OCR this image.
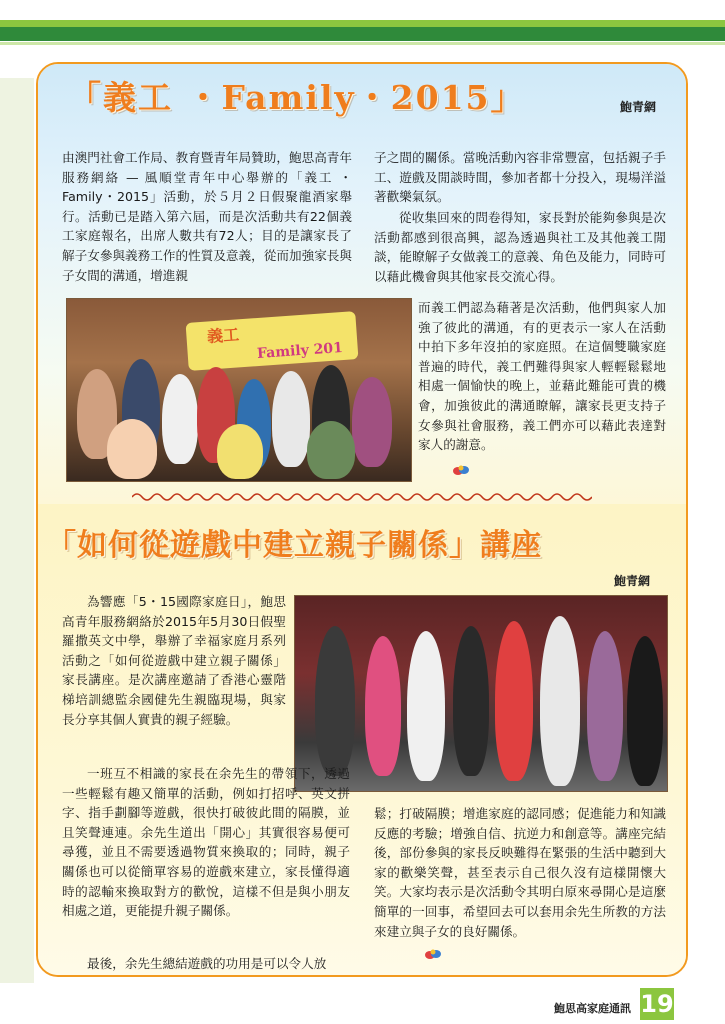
「義工 ・Family・2015」	鮑青網

由澳門社會工作局、教育暨青年局贊助，鮑思高青年服務網絡 — 風順堂青年中心舉辦的「義工 ・Family・2015」活動，於５月２日假聚龍酒家舉行。活動已是踏入第六屆，而是次活動共有22個義工家庭報名，出席人數共有72人；目的是讓家長了解子女參與義務工作的性質及意義，從而加強家長與子女間的溝通，增進親

子之間的關係。當晚活動內容非常豐富，包括親子手工、遊戲及閒談時間，參加者都十分投入，現場洋溢著歡樂氣氛。

從收集回來的問卷得知，家長對於能夠參與是次活動都感到很高興，認為透過與社工及其他義工閒談，能瞭解子女做義工的意義、角色及能力，同時可以藉此機會與其他家長交流心得。

而義工們認為藉著是次活動，他們與家人加強了彼此的溝通，有的更表示一家人在活動中拍下多年沒拍的家庭照。在這個雙職家庭普遍的時代，義工們難得與家人輕輕鬆鬆地相處一個愉快的晚上，並藉此難能可貴的機會，加強彼此的溝通瞭解，讓家長更支持子女參與社會服務，義工們亦可以藉此表達對家人的謝意。

義工
Family 201
「如何從遊戲中建立親子關係」講座
鮑青網

為響應「5・15國際家庭日」，鮑思高青年服務網絡於2015年5月30日假聖羅撒英文中學，舉辦了幸福家庭月系列活動之「如何從遊戲中建立親子關係」家長講座。是次講座邀請了香港心靈階梯培訓總監余國健先生親臨現場，與家長分享其個人實貴的親子經驗。

一班互不相識的家長在余先生的帶領下，透過一些輕鬆有趣又簡單的活動，例如打招呼、英文拼字、指手劃腳等遊戲，很快打破彼此間的隔膜，並且笑聲連連。余先生道出「開心」其實很容易便可尋獲，並且不需要透過物質來換取的；同時，親子關係也可以從簡單容易的遊戲來建立，家長懂得適時的認輸來換取對方的歡悅，這樣不但是與小朋友相處之道，更能提升親子關係。

最後，余先生總結遊戲的功用是可以令人放

鬆；打破隔膜；增進家庭的認同感；促進能力和知識反應的考驗；增強自信、抗逆力和創意等。講座完結後，部份參與的家長反映難得在緊張的生活中聽到大家的歡樂笑聲，甚至表示自己很久沒有這樣開懷大笑。大家均表示是次活動令其明白原來尋開心是這麼簡單的一回事，希望回去可以套用余先生所教的方法來建立與子女的良好關係。

鮑思高家庭通訊 19
